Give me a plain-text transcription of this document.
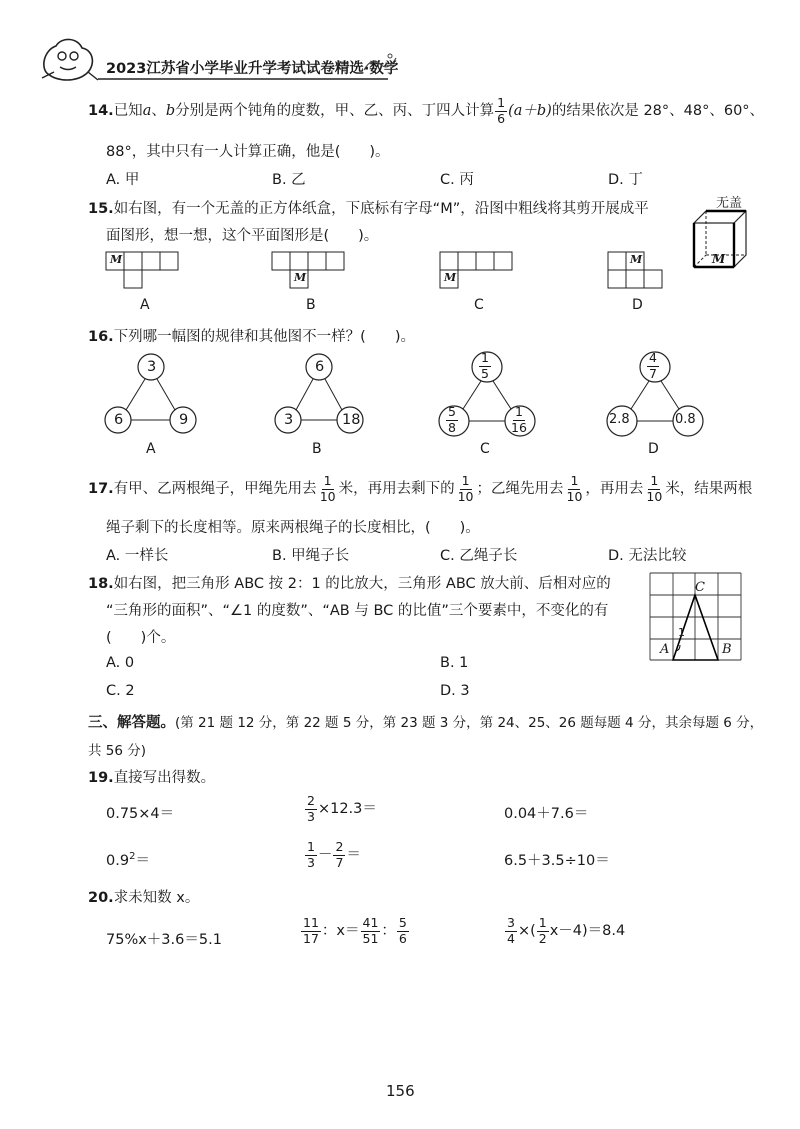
2023江苏省小学毕业升学考试试卷精选·数学
14.已知a、b分别是两个钝角的度数，甲、乙、丙、丁四人计算 $\frac{1}{6} (a+b)$的结果依次是 28°、48°、60°、
88°，其中只有一人计算正确，他是(　　)。
A. 甲	B. 乙	C. 丙	D. 丁
15.如右图，有一个无盖的正方体纸盒，下底标有字母“M”，沿图中粗线将其剪开展成平
面图形，想一想，这个平面图形是(　　)。
无盖
M
M
A
M
B
M
C
M
D
16.下列哪一幅图的规律和其他图不一样？(　　)。
3
6	9
A
6
3	18
B
$\frac{1}{5}$
$\frac{5}{8}$	$\frac{1}{16}$
C
$\frac{4}{7}$
2.8	0.8
D
17.有甲、乙两根绳子，甲绳先用去 $\frac{1}{10}$ 米，再用去剩下的 $\frac{1}{10}$ ；乙绳先用去 $\frac{1}{10}$ ，再用去 $\frac{1}{10}$ 米，结果两根
绳子剩下的长度相等。原来两根绳子的长度相比，(　　)。
A. 一样长	B. 甲绳子长	C. 乙绳子长	D. 无法比较
18.如右图，把三角形 ABC 按 2：1 的比放大，三角形 ABC 放大前、后相对应的
“三角形的面积”、“∠1 的度数”、“AB 与 BC 的比值”三个要素中，不变化的有
(　　)个。
A. 0	B. 1
C. 2	D. 3
C
A	B
1
三、解答题。(第 21 题 12 分，第 22 题 5 分，第 23 题 3 分，第 24、25、26 题每题 4 分，其余每题 6 分，
共 56 分)
19.直接写出得数。
0.75×4＝	$\frac{2}{3} \times 12.3=$	0.04＋7.6＝
$0.9^2=$	$\frac{1}{3} - \frac{2}{7}$ ＝	6.5＋3.5÷10＝
20.求未知数 x。
75%x＋3.6＝5.1	$\frac{11}{17}$ ：$x= \frac{41}{51}$ ： $\frac{5}{6}$	$\frac{3}{4}$ ×( $\frac{1}{2} x-4)=8.4$
156
